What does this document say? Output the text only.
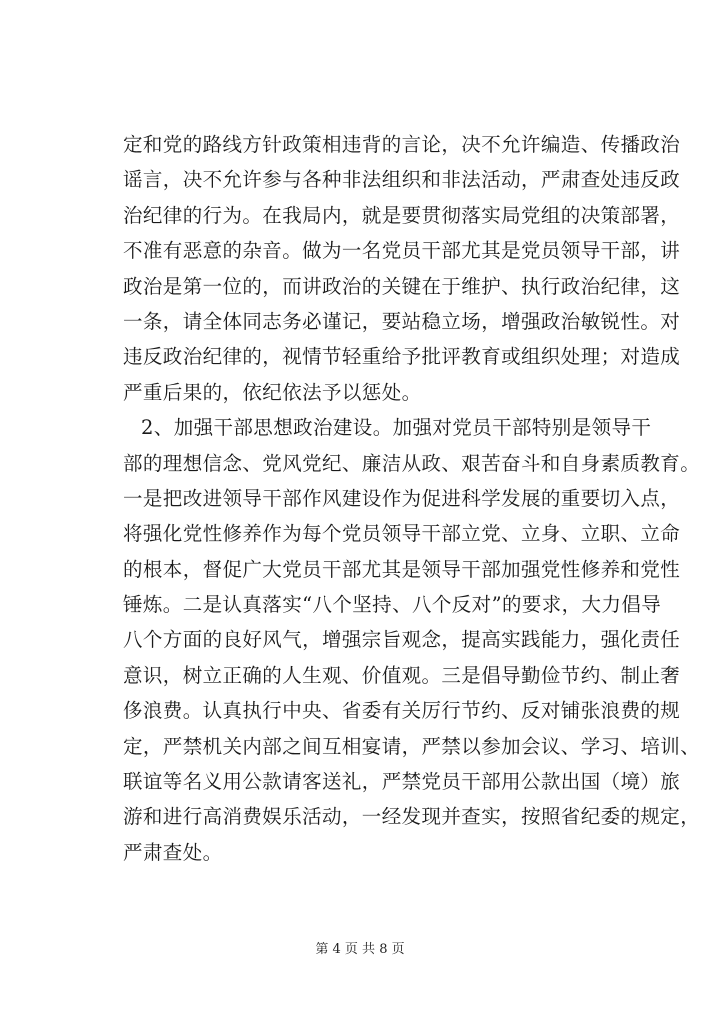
定和党的路线方针政策相违背的言论，决不允许编造、传播政治
谣言，决不允许参与各种非法组织和非法活动，严肃查处违反政
治纪律的行为。在我局内，就是要贯彻落实局党组的决策部署，
不准有恶意的杂音。做为一名党员干部尤其是党员领导干部，讲
政治是第一位的，而讲政治的关键在于维护、执行政治纪律，这
一条，请全体同志务必谨记，要站稳立场，增强政治敏锐性。对
违反政治纪律的，视情节轻重给予批评教育或组织处理；对造成
严重后果的，依纪依法予以惩处。
2、加强干部思想政治建设。加强对党员干部特别是领导干
部的理想信念、党风党纪、廉洁从政、艰苦奋斗和自身素质教育。
一是把改进领导干部作风建设作为促进科学发展的重要切入点，
将强化党性修养作为每个党员领导干部立党、立身、立职、立命
的根本，督促广大党员干部尤其是领导干部加强党性修养和党性
锤炼。二是认真落实“八个坚持、八个反对”的要求，大力倡导
八个方面的良好风气，增强宗旨观念，提高实践能力，强化责任
意识，树立正确的人生观、价值观。三是倡导勤俭节约、制止奢
侈浪费。认真执行中央、省委有关厉行节约、反对铺张浪费的规
定，严禁机关内部之间互相宴请，严禁以参加会议、学习、培训、
联谊等名义用公款请客送礼，严禁党员干部用公款出国（境）旅
游和进行高消费娱乐活动，一经发现并查实，按照省纪委的规定，
严肃查处。
第 4 页 共 8 页
